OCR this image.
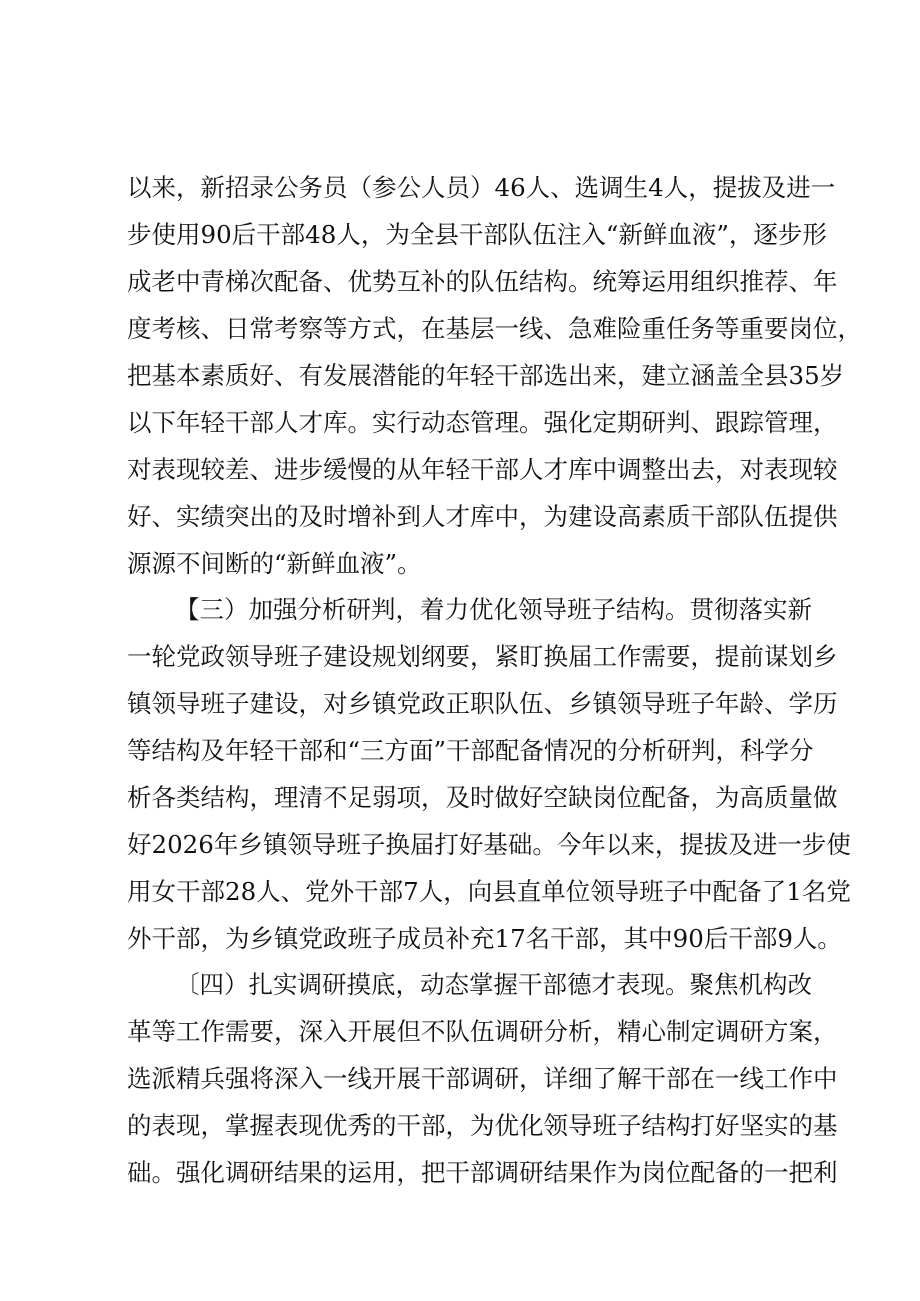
以来，新招录公务员（参公人员）46人、选调生4人，提拔及进一
步使用90后干部48人，为全县干部队伍注入“新鲜血液”，逐步形
成老中青梯次配备、优势互补的队伍结构。统筹运用组织推荐、年
度考核、日常考察等方式，在基层一线、急难险重任务等重要岗位，
把基本素质好、有发展潜能的年轻干部选出来，建立涵盖全县35岁
以下年轻干部人才库。实行动态管理。强化定期研判、跟踪管理，
对表现较差、进步缓慢的从年轻干部人才库中调整出去，对表现较
好、实绩突出的及时增补到人才库中，为建设高素质干部队伍提供
源源不间断的“新鲜血液”。
【三）加强分析研判，着力优化领导班子结构。贯彻落实新
一轮党政领导班子建设规划纲要，紧盯换届工作需要，提前谋划乡
镇领导班子建设，对乡镇党政正职队伍、乡镇领导班子年龄、学历
等结构及年轻干部和“三方面”干部配备情况的分析研判，科学分
析各类结构，理清不足弱项，及时做好空缺岗位配备，为高质量做
好2026年乡镇领导班子换届打好基础。今年以来，提拔及进一步使
用女干部28人、党外干部7人，向县直单位领导班子中配备了1名党
外干部，为乡镇党政班子成员补充17名干部，其中90后干部9人。
〔四）扎实调研摸底，动态掌握干部德才表现。聚焦机构改
革等工作需要，深入开展但不队伍调研分析，精心制定调研方案，
选派精兵强将深入一线开展干部调研，详细了解干部在一线工作中
的表现，掌握表现优秀的干部，为优化领导班子结构打好坚实的基
础。强化调研结果的运用，把干部调研结果作为岗位配备的一把利
